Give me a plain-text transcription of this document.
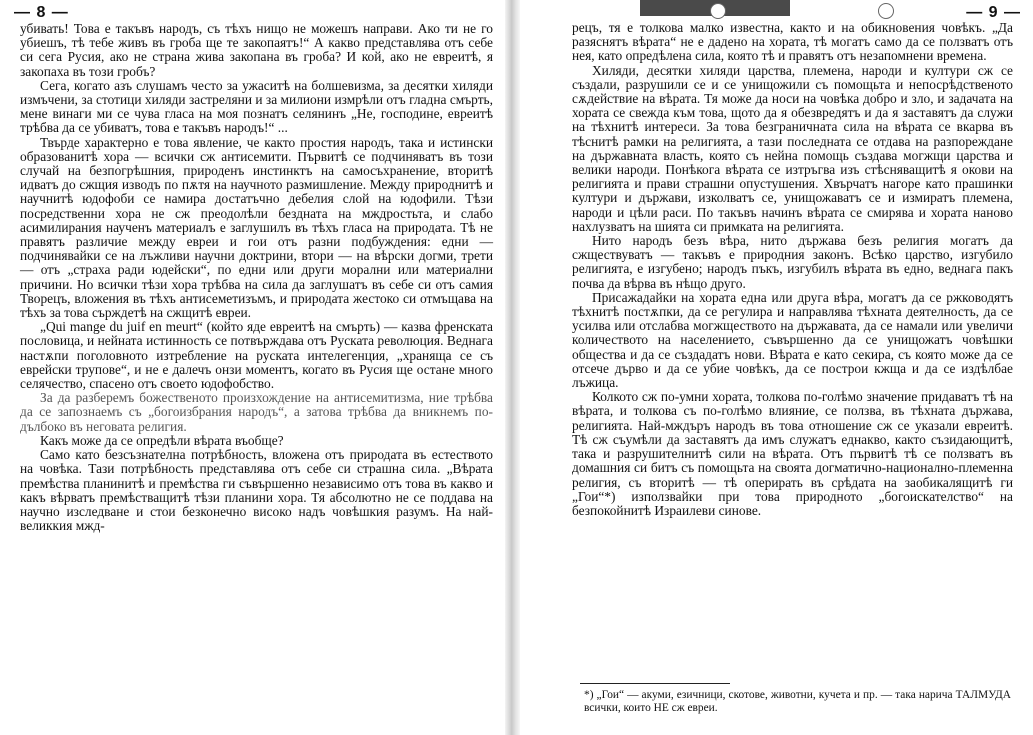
— 8 —

убивать! Това е такъвъ народъ, съ тѣхъ нищо не можешъ направи. Ако ти не го убиешъ, тѣ тебе живъ въ гроба ще те закопаятъ!“ А какво представлява отъ себе си сега Русия, ако не страна жива закопана въ гроба? И кой, ако не евреитѣ, я закопаха въ този гробъ?

Сега, когато азъ слушамъ често за ужаситѣ на болшевизма, за десятки хиляди измъчени, за стотици хиляди застреляни и за милиони измрѣли отъ гладна смърть, мене винаги ми се чува гласа на моя познатъ селянинъ „Не, господине, евреитѣ трѣбва да се убиватъ, това е такъвъ народъ!“ ...

Твърде характерно е това явление, че както простия народъ, така и истински образованитѣ хора — всички сж антисемити. Първитѣ се подчиняватъ въ този случай на безпогрѣшния, природенъ инстинктъ на самосъхранение, вторитѣ идватъ до сжщия изводъ по пѫтя на научното размишление. Между природнитѣ и научнитѣ юдофоби се намира достатъчно дебелия слой на юдофили. Тѣзи посредственни хора не сж преодолѣли бездната на мждростьта, и слабо асимилирания наученъ материалъ е заглушилъ въ тѣхъ гласа на природата. Тѣ не правятъ различие между евреи и гои отъ разни подбуждения: едни — подчинявайки се на лъжливи научни доктрини, втори — на вѣрски догми, трети — отъ „страха ради юдейски“, по едни или други морални или материални причини. Но всички тѣзи хора трѣбва на сила да заглушатъ въ себе си отъ самия Творецъ, вложения въ тѣхъ антисеметизъмъ, и природата жестоко си отмъщава на тѣхъ за това сърждетѣ на сжщитѣ евреи.

„Qui mange du juif en meurt“ (който яде евреитѣ на смърть) — казва френската пословица, и нейната истинность се потвърждава отъ Руската революция. Веднага настѫпи поголовното изтребление на руската интелегенция, „храняща се съ еврейски трупове“, и не е далечъ онзи моментъ, когато въ Русия ще остане много селячество, спасено отъ своето юдофобство.

За да разберемъ божественото произхождение на антисемитизма, ние трѣбва да се запознаемъ съ „богоизбрания народъ“, а затова трѣбва да вникнемъ по-дълбоко въ неговата религия.

Какъ може да се опредѣли вѣрата въобще?

Само като безсъзнателна потрѣбность, вложена отъ природата въ естеството на човѣка. Тази потрѣбность представлява отъ себе си страшна сила. „Вѣрата премѣства планинитѣ и премѣства ги съвършенно независимо отъ това въ какво и какъ вѣрватъ премѣстващитѣ тѣзи планини хора. Тя абсолютно не се поддава на научно изследване и стои безконечно високо надъ човѣшкия разумъ. На най-великкия мжд-

— 9 —

рецъ, тя е толкова малко известна, както и на обикновения човѣкъ. „Да разяснятъ вѣрата“ не е дадено на хората, тѣ могатъ само да се ползватъ отъ нея, като опредѣлена сила, която тѣ и правятъ отъ незапомнени времена.

Хиляди, десятки хиляди царства, племена, народи и култури сж се създали, разрушили се и се унищожили съ помощьта и непосрѣдственото сѫдействие на вѣрата. Тя може да носи на човѣка добро и зло, и задачата на хората се свежда към това, щото да я обезвредятъ и да я заставятъ да служи на тѣхнитѣ интереси. За това безграничната сила на вѣрата се вкарва въ тѣснитѣ рамки на религията, а тази последната се отдава на разпореждане на държавната власть, която съ нейна помощь създава могжщи царства и велики народи. Понѣкога вѣрата се изтръгва изъ стѣсняващитѣ я окови на религията и прави страшни опустушения. Хвърчатъ нагоре като прашинки култури и държави, изколватъ се, унищожаватъ се и измиратъ племена, народи и цѣли раси. По такъвъ начинъ вѣрата се смирява и хората наново нахлузватъ на шията си примката на религията.

Нито народъ безъ вѣра, нито държава безъ религия могатъ да сжществуватъ — такъвъ е природния законъ. Всѣко царство, изгубило религията, е изгубено; народъ пъкъ, изгубилъ вѣрата въ едно, веднага пакъ почва да вѣрва въ нѣщо друго.

Присажадайки на хората една или друга вѣра, могатъ да се ржководятъ тѣхнитѣ постѫпки, да се регулира и направлява тѣхната деятелность, да се усилва или отслабва могжществото на държавата, да се намали или увеличи количеството на населението, съвършенно да се унищожатъ човѣшки общества и да се създадатъ нови. Вѣрата е като секира, съ която може да се отсече дърво и да се убие човѣкъ, да се построи кжща и да се издѣлбае лъжица.

Колкото сж по-умни хората, толкова по-голѣмо значение придаватъ тѣ на вѣрата, и толкова съ по-голѣмо влияние, се ползва, въ тѣхната държава, религията. Най-мждъръ народъ въ това отношение сж се указали евреитѣ. Тѣ сж съумѣли да заставятъ да имъ служатъ еднакво, както съзидающитѣ, така и разрушителнитѣ сили на вѣрата. Отъ първитѣ тѣ се ползватъ въ домашния си битъ съ помощьта на своята догматично-национално-племенна религия, съ вторитѣ — тѣ оперирать въ срѣдата на заобикалящитѣ ги „Гои“*) използвайки при това природното „богоискателство“ на безпокойнитѣ Израилеви синове.

*) „Гои“ — акуми, езичници, скотове, животни, кучета и пр. — така нарича ТАЛМУДА всички, които НЕ сж евреи.
